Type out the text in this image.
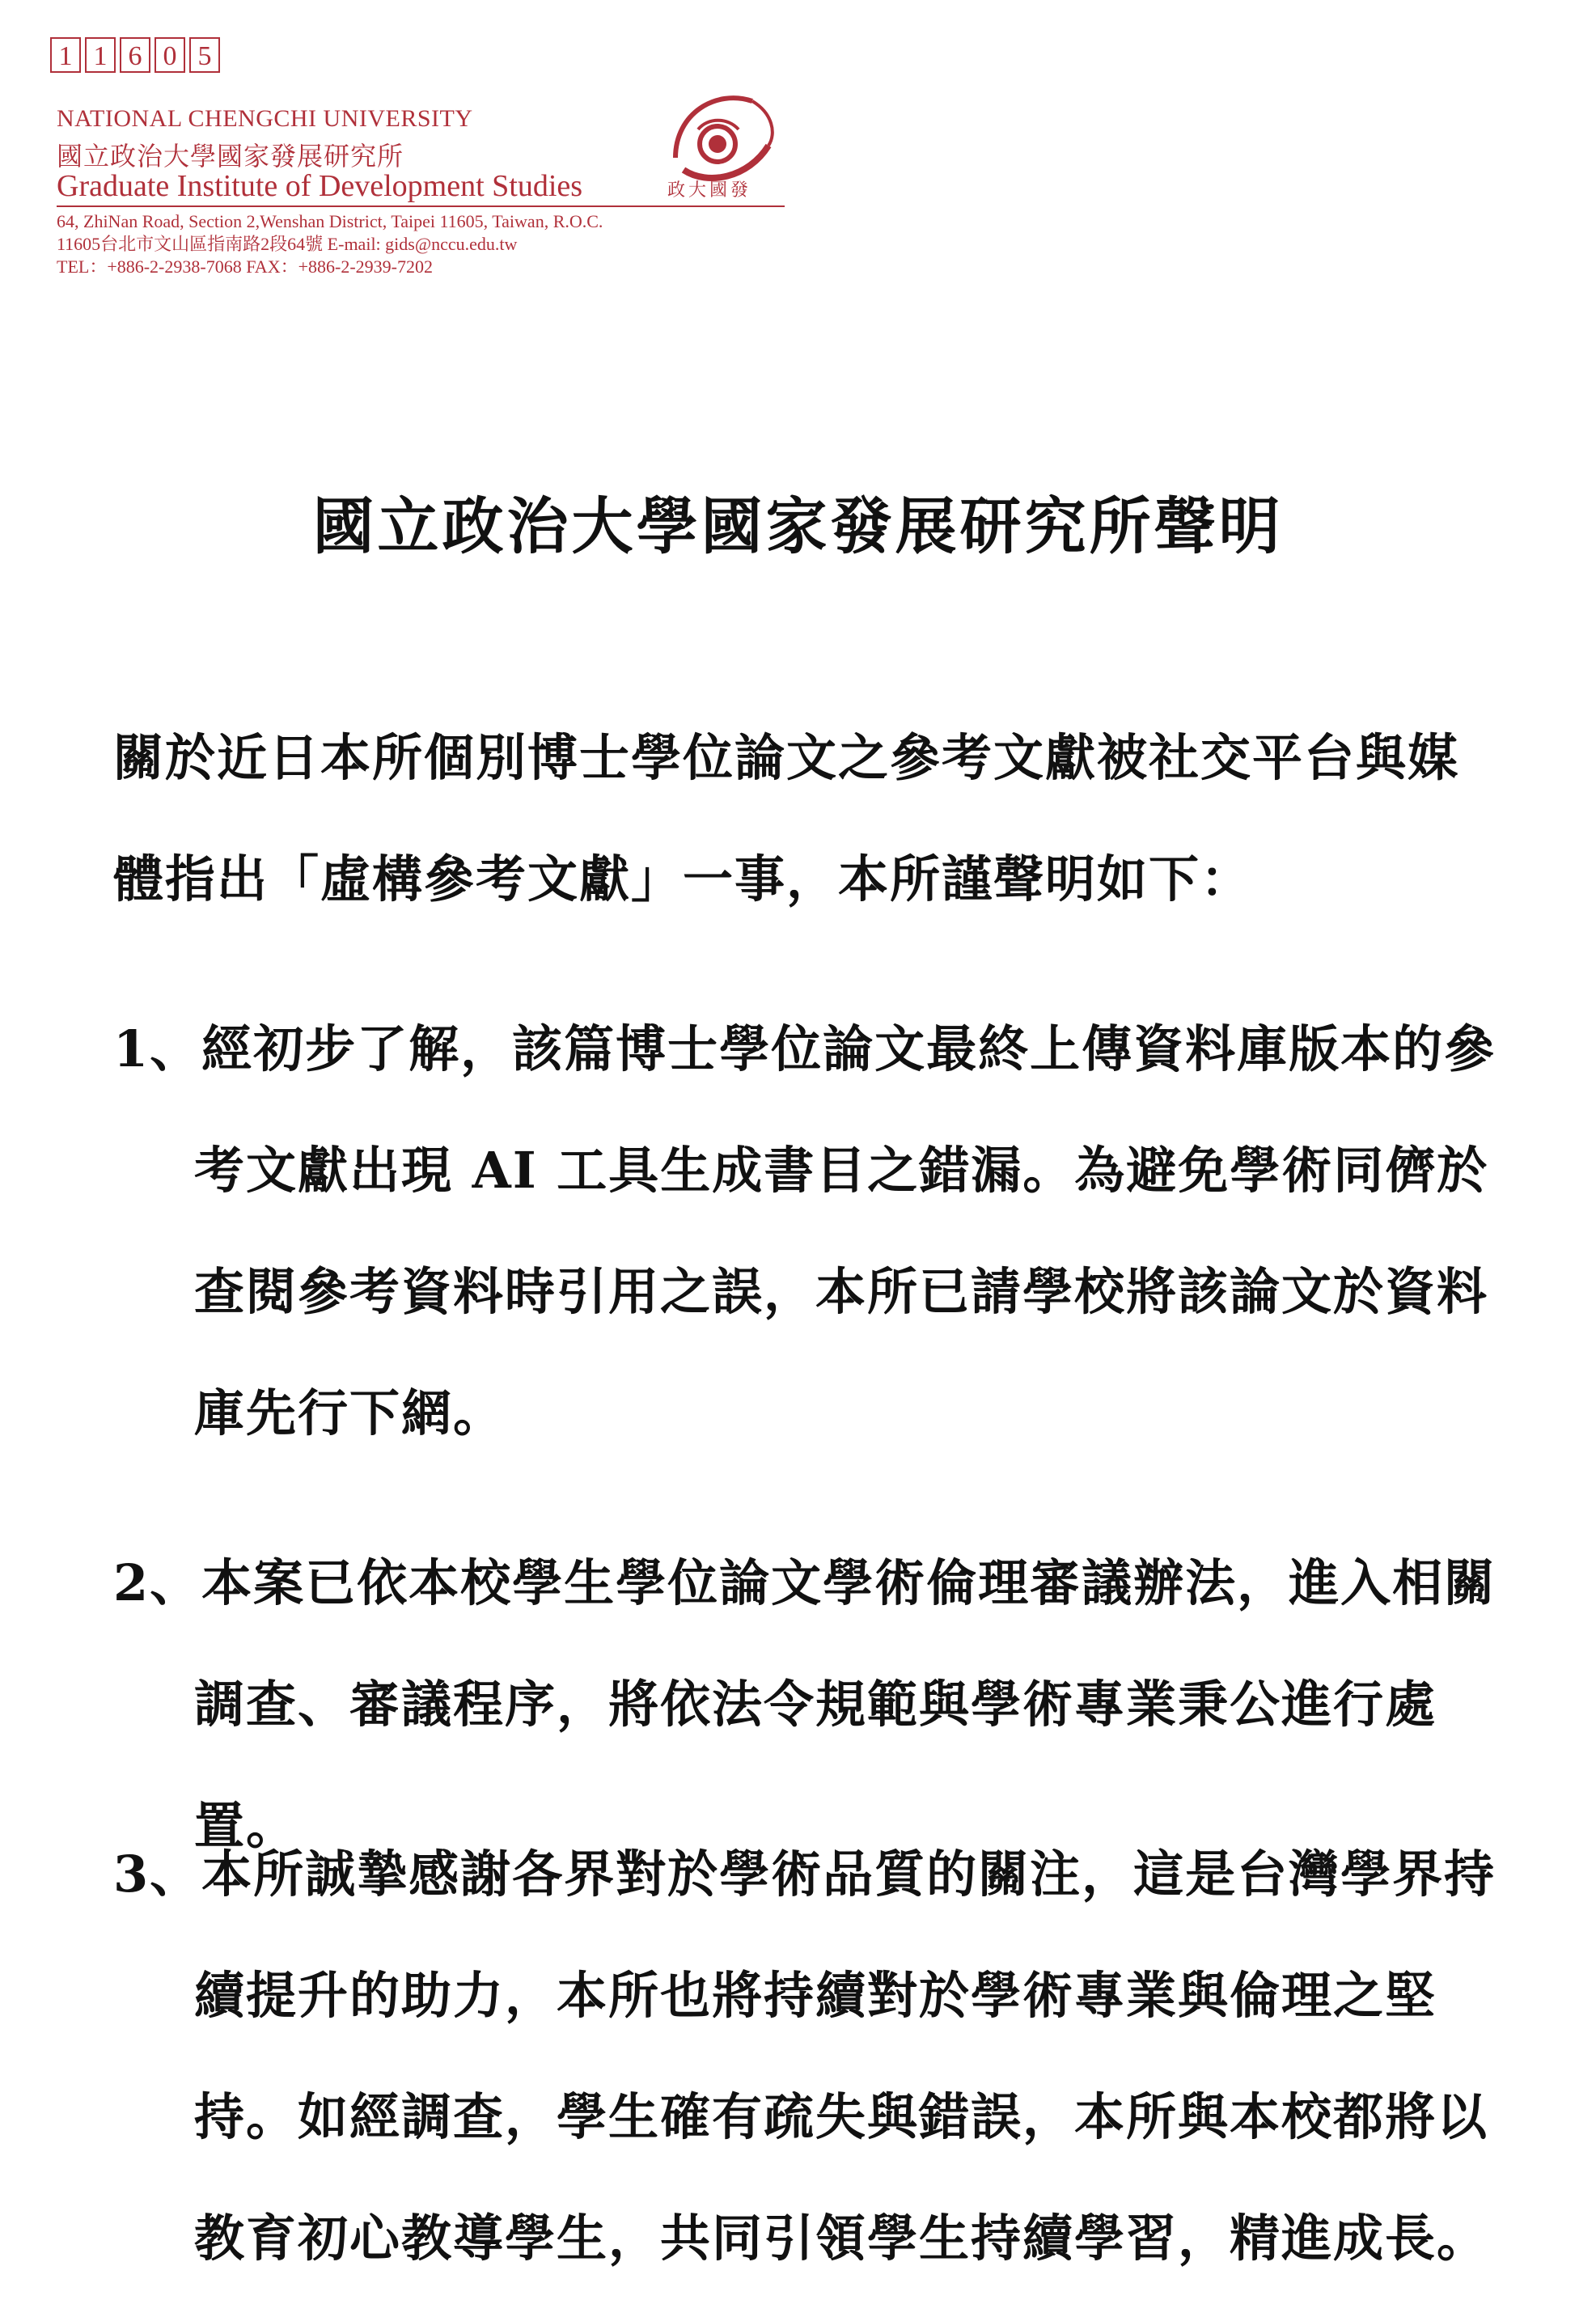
1 1 6 0 5
NATIONAL CHENGCHI UNIVERSITY
國立政治大學國家發展研究所
Graduate Institute of Development Studies
64, ZhiNan Road, Section 2,Wenshan District, Taipei 11605, Taiwan, R.O.C.
11605台北市文山區指南路2段64號 E-mail: gids@nccu.edu.tw
TEL：+886-2-2938-7068 FAX：+886-2-2939-7202
政大國發
國立政治大學國家發展研究所聲明
關於近日本所個別博士學位論文之參考文獻被社交平台與媒體指出「虛構參考文獻」一事，本所謹聲明如下：
1、經初步了解，該篇博士學位論文最終上傳資料庫版本的參考文獻出現 AI 工具生成書目之錯漏。為避免學術同儕於查閱參考資料時引用之誤，本所已請學校將該論文於資料庫先行下網。
2、本案已依本校學生學位論文學術倫理審議辦法，進入相關調查、審議程序，將依法令規範與學術專業秉公進行處置。
3、本所誠摯感謝各界對於學術品質的關注，這是台灣學界持續提升的助力，本所也將持續對於學術專業與倫理之堅持。如經調查，學生確有疏失與錯誤，本所與本校都將以教育初心教導學生，共同引領學生持續學習，精進成長。
